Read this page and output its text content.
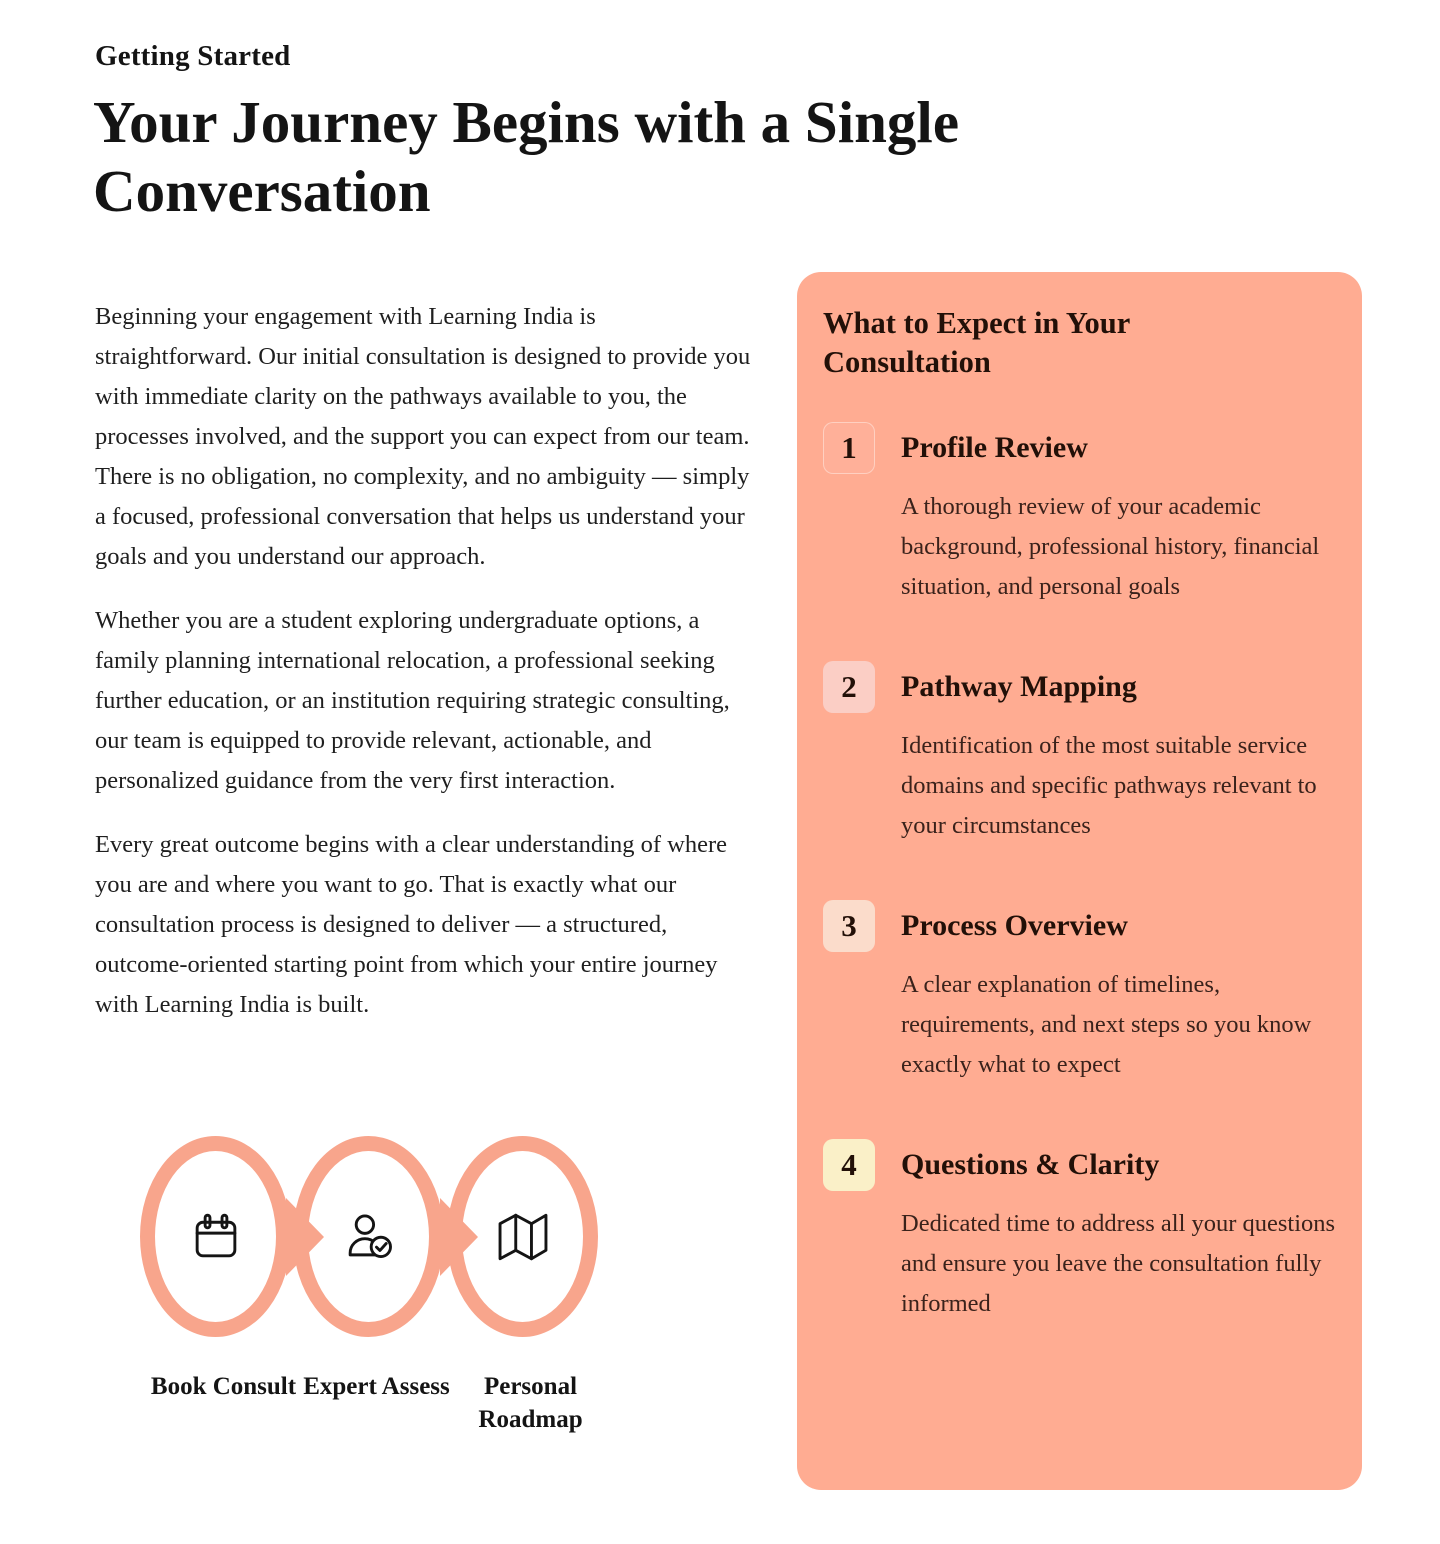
Getting Started
Your Journey Begins with a Single Conversation

Beginning your engagement with Learning India is straightforward. Our initial consultation is designed to provide you with immediate clarity on the pathways available to you, the processes involved, and the support you can expect from our team. There is no obligation, no complexity, and no ambiguity — simply a focused, professional conversation that helps us understand your goals and you understand our approach.

Whether you are a student exploring undergraduate options, a family planning international relocation, a professional seeking further education, or an institution requiring strategic consulting, our team is equipped to provide relevant, actionable, and personalized guidance from the very first interaction.

Every great outcome begins with a clear understanding of where you are and where you want to go. That is exactly what our consultation process is designed to deliver — a structured, outcome-oriented starting point from which your entire journey with Learning India is built.

Book Consult Expert Assess	Personal Roadmap
What to Expect in Your Consultation
1	Profile Review
A thorough review of your academic background, professional history, financial situation, and personal goals
2	Pathway Mapping
Identification of the most suitable service domains and specific pathways relevant to your circumstances
3	Process Overview
A clear explanation of timelines, requirements, and next steps so you know exactly what to expect
4	Questions & Clarity
Dedicated time to address all your questions and ensure you leave the consultation fully informed
